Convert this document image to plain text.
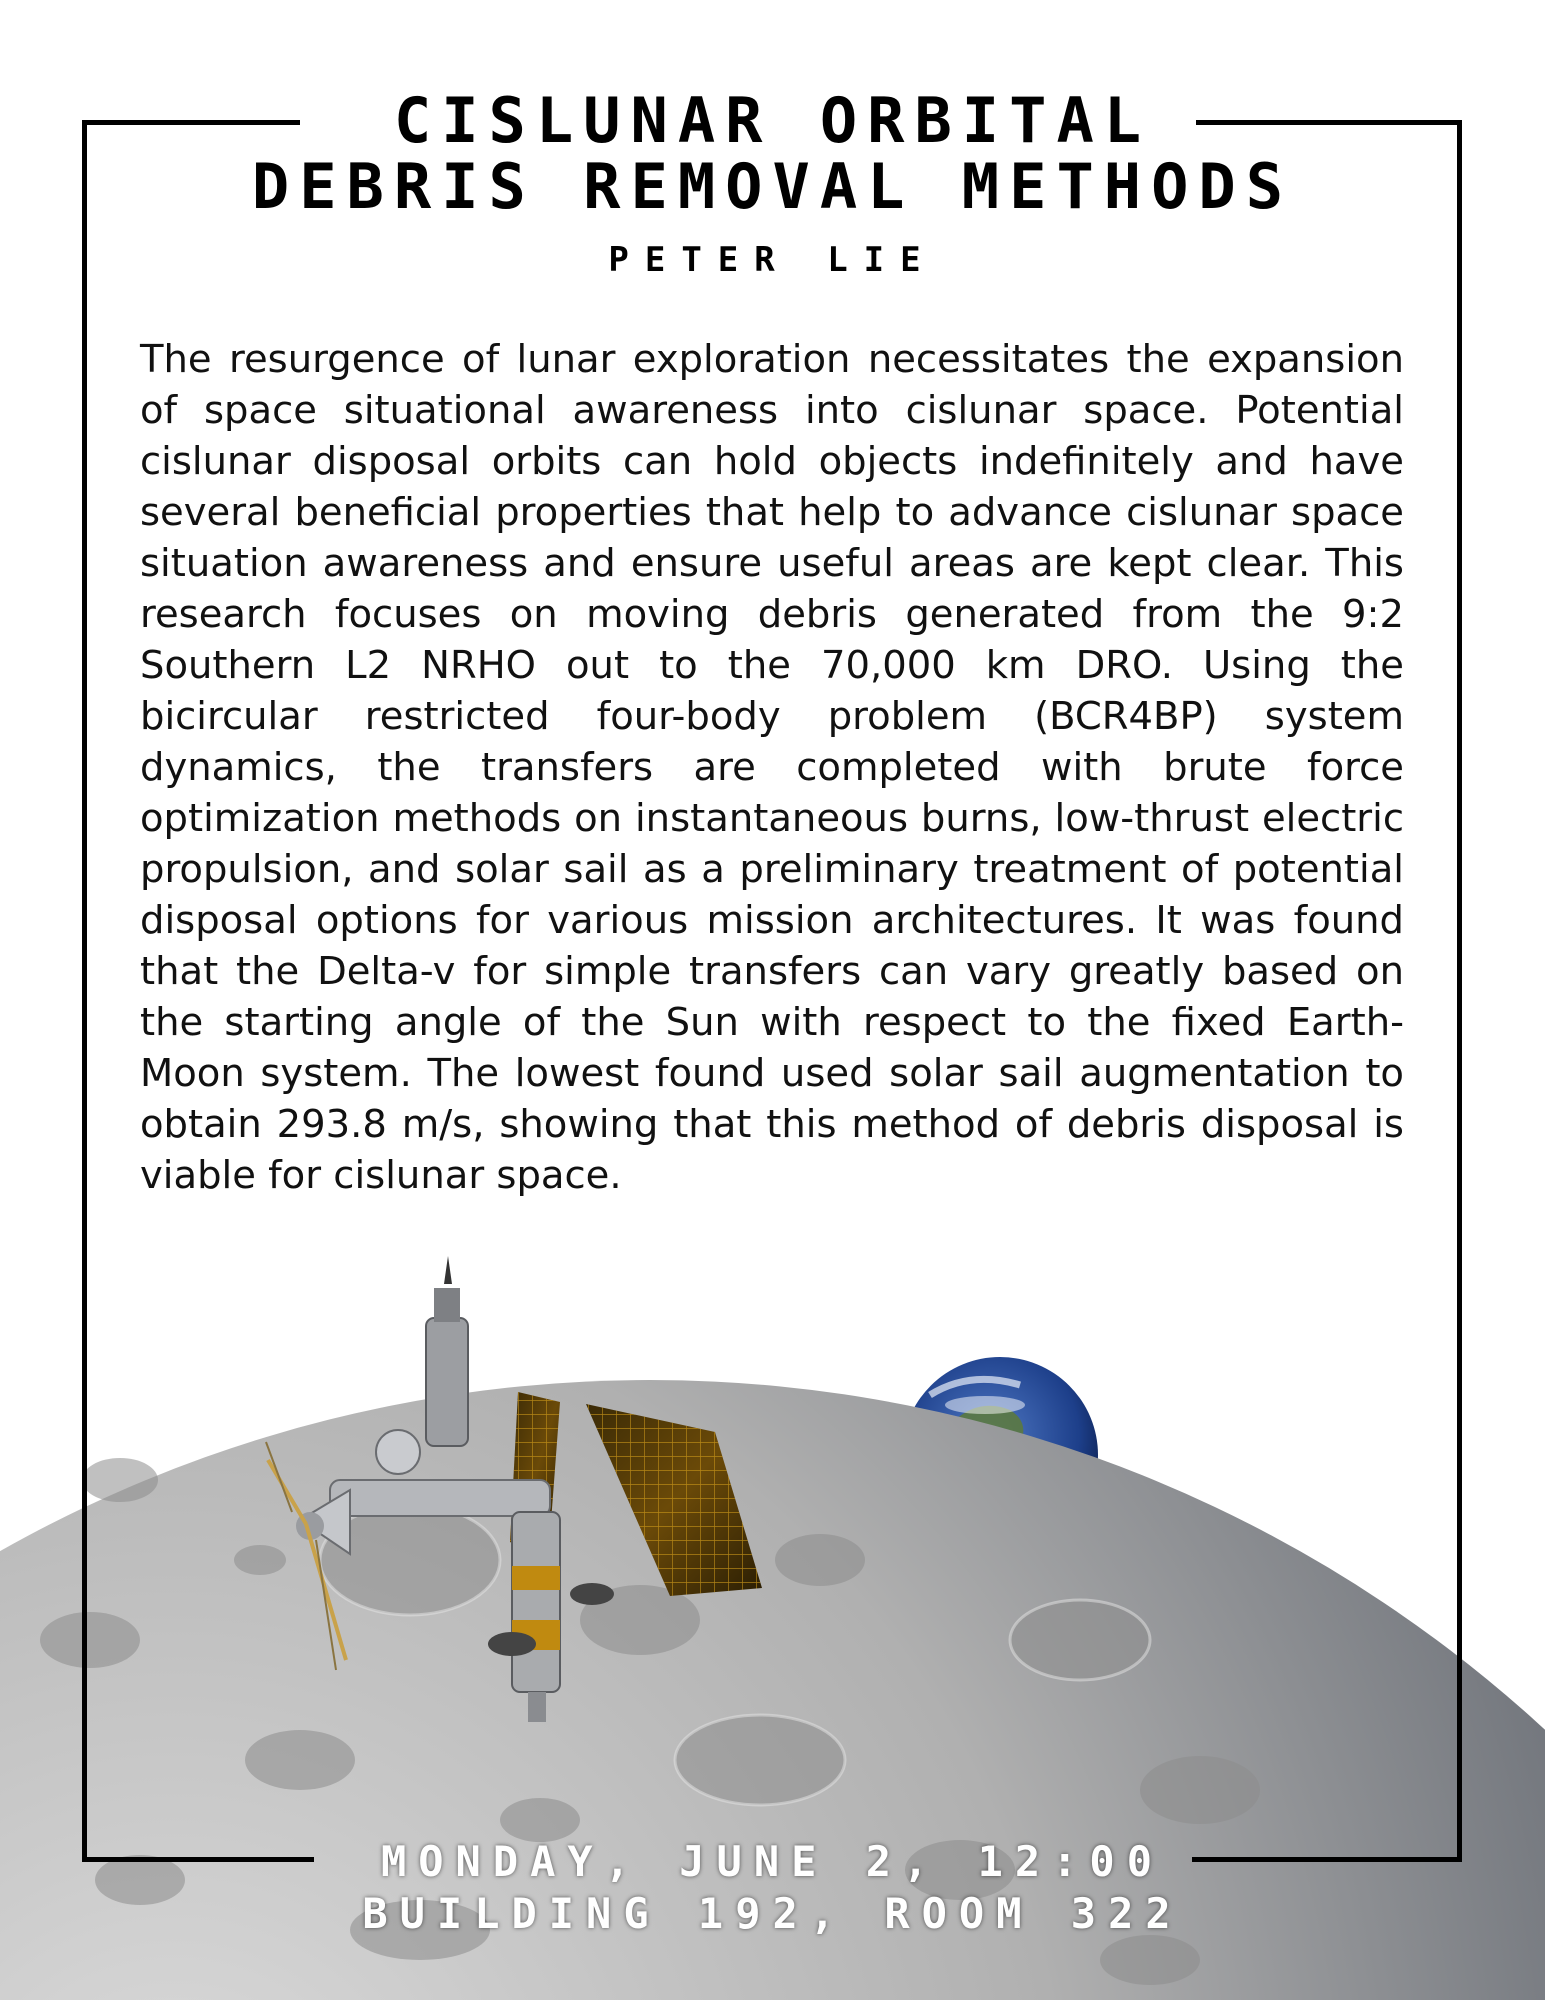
CISLUNAR ORBITAL
DEBRIS REMOVAL METHODS
PETER LIE

The resurgence of lunar exploration necessitates the expansion of space situational awareness into cislunar space. Potential cislunar disposal orbits can hold objects indefinitely and have several beneficial properties that help to advance cislunar space situation awareness and ensure useful areas are kept clear. This research focuses on moving debris generated from the 9:2 Southern L2 NRHO out to the 70,000 km DRO. Using the bicircular restricted four-body problem (BCR4BP) system dynamics, the transfers are completed with brute force optimization methods on instantaneous burns, low-thrust electric propulsion, and solar sail as a preliminary treatment of potential disposal options for various mission architectures. It was found that the Delta-v for simple transfers can vary greatly based on the starting angle of the Sun with respect to the fixed Earth-Moon system. The lowest found used solar sail augmentation to obtain 293.8 m/s, showing that this method of debris disposal is viable for cislunar space.

MONDAY, JUNE 2, 12:00
BUILDING 192, ROOM 322
